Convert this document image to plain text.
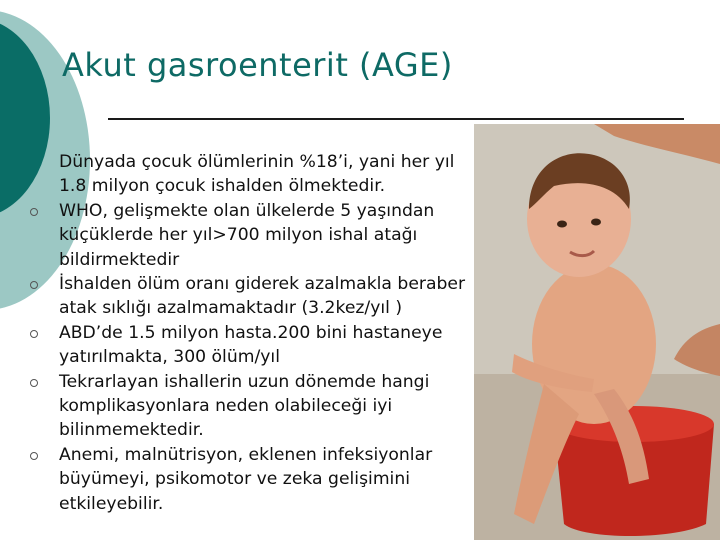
Akut gasroenterit (AGE)
Dünyada çocuk ölümlerinin %18’i, yani her yıl 1.8 milyon çocuk ishalden ölmektedir.
WHO, gelişmekte olan ülkelerde 5 yaşından küçüklerde her yıl>700 milyon ishal atağı bildirmektedir
İshalden ölüm oranı giderek azalmakla beraber atak sıklığı azalmamaktadır (3.2kez/yıl )
ABD’de 1.5 milyon hasta.200 bini hastaneye yatırılmakta, 300 ölüm/yıl
Tekrarlayan ishallerin uzun dönemde hangi komplikasyonlara neden olabileceği iyi bilinmemektedir.
Anemi, malnütrisyon, eklenen infeksiyonlar büyümeyi, psikomotor ve zeka gelişimini etkileyebilir.
